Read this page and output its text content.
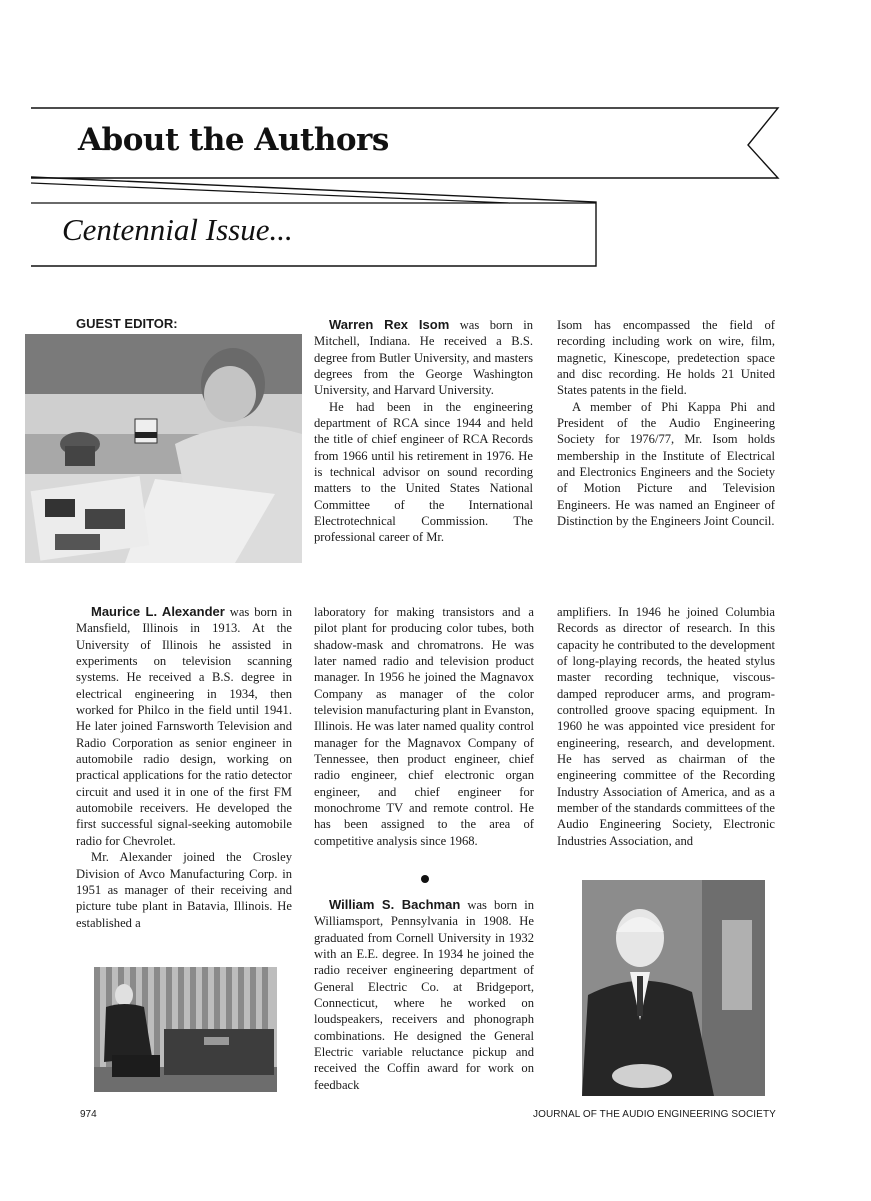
About the Authors
Centennial Issue...
GUEST EDITOR:	Warren Rex Isom was born in Mitchell, Indiana. He received a B.S. degree from Butler University, and masters degrees from the George Washington University, and Harvard University.

He had been in the engineering department of RCA since 1944 and held the title of chief engineer of RCA Records from 1966 until his retirement in 1976. He is technical advisor on sound recording matters to the United States National Committee of the International Electrotechnical Commission. The professional career of Mr.

Isom has encompassed the field of recording including work on wire, film, magnetic, Kinescope, predetection space and disc recording. He holds 21 United States patents in the field.

A member of Phi Kappa Phi and President of the Audio Engineering Society for 1976/77, Mr. Isom holds membership in the Institute of Electrical and Electronics Engineers and the Society of Motion Picture and Television Engineers. He was named an Engineer of Distinction by the Engineers Joint Council.

Maurice L. Alexander was born in Mansfield, Illinois in 1913. At the University of Illinois he assisted in experiments on television scanning systems. He received a B.S. degree in electrical engineering in 1934, then worked for Philco in the field until 1941. He later joined Farnsworth Television and Radio Corporation as senior engineer in automobile radio design, working on practical applications for the ratio detector circuit and used it in one of the first FM automobile receivers. He developed the first successful signal-seeking automobile radio for Chevrolet.

Mr. Alexander joined the Crosley Division of Avco Manufacturing Corp. in 1951 as manager of their receiving and picture tube plant in Batavia, Illinois. He established a

laboratory for making transistors and a pilot plant for producing color tubes, both shadow-mask and chromatrons. He was later named radio and television product manager. In 1956 he joined the Magnavox Company as manager of the color television manufacturing plant in Evanston, Illinois. He was later named quality control manager for the Magnavox Company of Tennessee, then product engineer, chief radio engineer, chief electronic organ engineer, and chief engineer for monochrome TV and remote control. He has been assigned to the area of competitive analysis since 1968.

William S. Bachman was born in Williamsport, Pennsylvania in 1908. He graduated from Cornell University in 1932 with an E.E. degree. In 1934 he joined the radio receiver engineering department of General Electric Co. at Bridgeport, Connecticut, where he worked on loudspeakers, receivers and phonograph combinations. He designed the General Electric variable reluctance pickup and received the Coffin award for work on feedback

amplifiers. In 1946 he joined Columbia Records as director of research. In this capacity he contributed to the development of long-playing records, the heated stylus master recording technique, viscous-damped reproducer arms, and program-controlled groove spacing equipment. In 1960 he was appointed vice president for engineering, research, and development. He has served as chairman of the engineering committee of the Recording Industry Association of America, and as a member of the standards committees of the Audio Engineering Society, Electronic Industries Association, and

974	JOURNAL OF THE AUDIO ENGINEERING SOCIETY
